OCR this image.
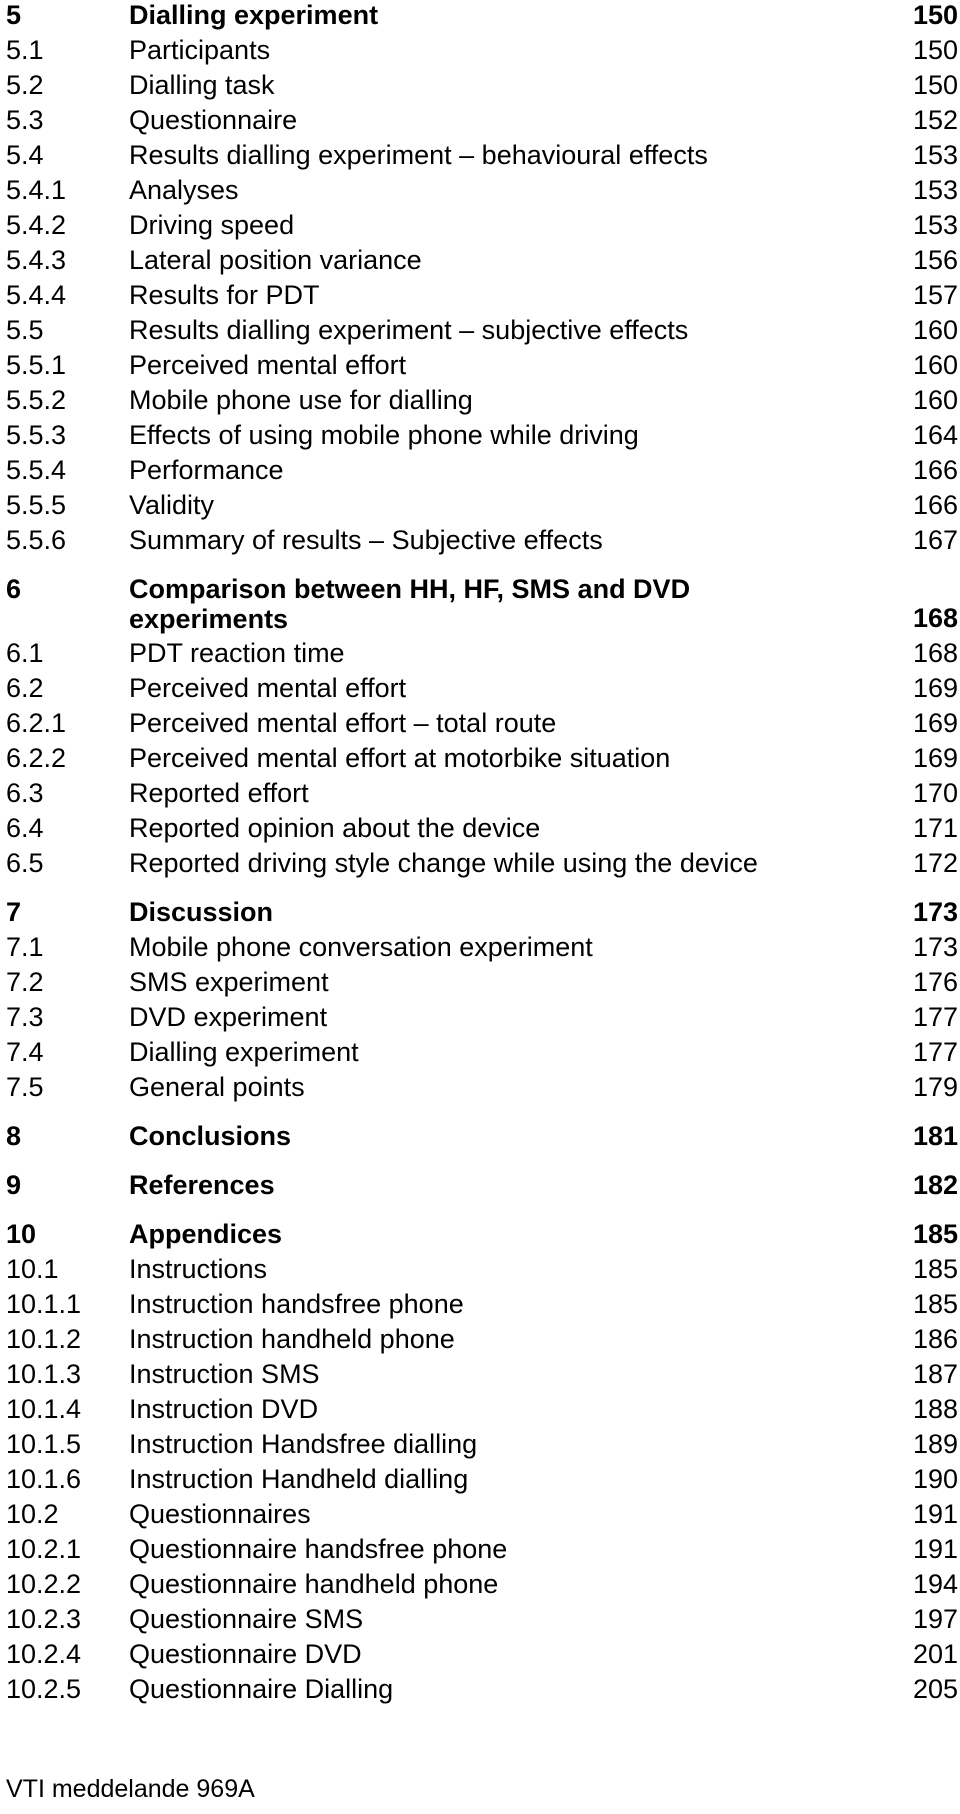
5	Dialling experiment	150
5.1	Participants	150
5.2	Dialling task	150
5.3	Questionnaire	152
5.4	Results dialling experiment – behavioural effects	153
5.4.1 Analyses	153
5.4.2 Driving speed	153
5.4.3 Lateral position variance	156
5.4.4 Results for PDT	157
5.5	Results dialling experiment – subjective effects	160
5.5.1 Perceived mental effort	160
5.5.2 Mobile phone use for dialling	160
5.5.3 Effects of using mobile phone while driving	164
5.5.4 Performance	166
5.5.5 Validity	166
5.5.6 Summary of results – Subjective effects	167
6	Comparison between HH, HF, SMS and DVD experiments	168
6.1	PDT reaction time	168
6.2	Perceived mental effort	169
6.2.1 Perceived mental effort – total route	169
6.2.2 Perceived mental effort at motorbike situation	169
6.3	Reported effort	170
6.4	Reported opinion about the device	171
6.5	Reported driving style change while using the device	172
7	Discussion	173
7.1	Mobile phone conversation experiment	173
7.2	SMS experiment	176
7.3	DVD experiment	177
7.4	Dialling experiment	177
7.5	General points	179
8	Conclusions	181
9	References	182
10	Appendices	185
10.1	Instructions	185
10.1.1 Instruction handsfree phone	185
10.1.2 Instruction handheld phone	186
10.1.3 Instruction SMS	187
10.1.4 Instruction DVD	188
10.1.5 Instruction Handsfree dialling	189
10.1.6 Instruction Handheld dialling	190
10.2	Questionnaires	191
10.2.1 Questionnaire handsfree phone	191
10.2.2 Questionnaire handheld phone	194
10.2.3 Questionnaire SMS	197
10.2.4 Questionnaire DVD	201
10.2.5 Questionnaire Dialling	205
VTI meddelande 969A
